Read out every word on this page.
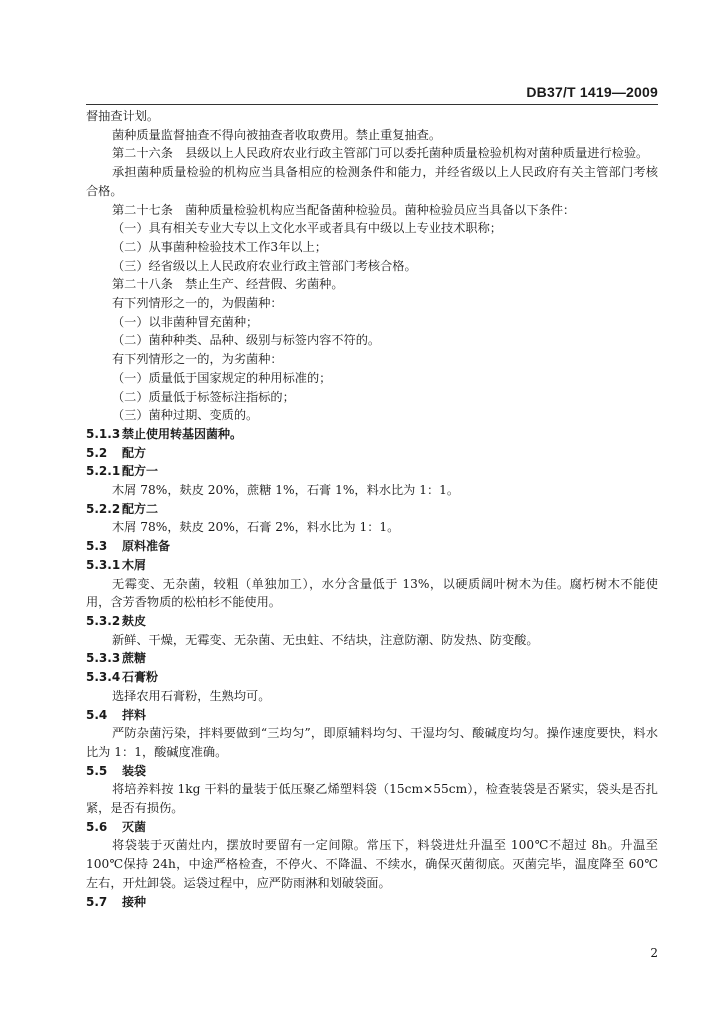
DB37/T 1419—2009

督抽查计划。

菌种质量监督抽查不得向被抽查者收取费用。禁止重复抽查。

第二十六条　县级以上人民政府农业行政主管部门可以委托菌种质量检验机构对菌种质量进行检验。

承担菌种质量检验的机构应当具备相应的检测条件和能力，并经省级以上人民政府有关主管部门考核合格。

第二十七条　菌种质量检验机构应当配备菌种检验员。菌种检验员应当具备以下条件：

（一）具有相关专业大专以上文化水平或者具有中级以上专业技术职称；

（二）从事菌种检验技术工作3年以上；

（三）经省级以上人民政府农业行政主管部门考核合格。

第二十八条　禁止生产、经营假、劣菌种。

有下列情形之一的，为假菌种：

（一）以非菌种冒充菌种；

（二）菌种种类、品种、级别与标签内容不符的。

有下列情形之一的，为劣菌种：

（一）质量低于国家规定的种用标准的；

（二）质量低于标签标注指标的；

（三）菌种过期、变质的。

5.1.3 禁止使用转基因菌种。
5.2 配方
5.2.1 配方一

木屑 78%，麸皮 20%，蔗糖 1%，石膏 1%，料水比为 1：1。

5.2.2 配方二

木屑 78%，麸皮 20%，石膏 2%，料水比为 1：1。

5.3 原料准备
5.3.1 木屑

无霉变、无杂菌，较粗（单独加工），水分含量低于 13%，以硬质阔叶树木为佳。腐朽树木不能使用，含芳香物质的松柏杉不能使用。

5.3.2 麸皮

新鲜、干燥，无霉变、无杂菌、无虫蛀、不结块，注意防潮、防发热、防变酸。

5.3.3 蔗糖
5.3.4 石膏粉

选择农用石膏粉，生熟均可。

5.4 拌料

严防杂菌污染，拌料要做到“三均匀”，即原辅料均匀、干湿均匀、酸碱度均匀。操作速度要快，料水比为 1：1，酸碱度准确。

5.5 装袋

将培养料按 1kg 干料的量装于低压聚乙烯塑料袋（15cm×55cm），检查装袋是否紧实，袋头是否扎紧，是否有损伤。

5.6 灭菌

将袋装于灭菌灶内，摆放时要留有一定间隙。常压下，料袋进灶升温至 100℃不超过 8h。升温至 100℃保持 24h，中途严格检查，不停火、不降温、不续水，确保灭菌彻底。灭菌完毕，温度降至 60℃左右，开灶卸袋。运袋过程中，应严防雨淋和划破袋面。

5.7 接种
2
